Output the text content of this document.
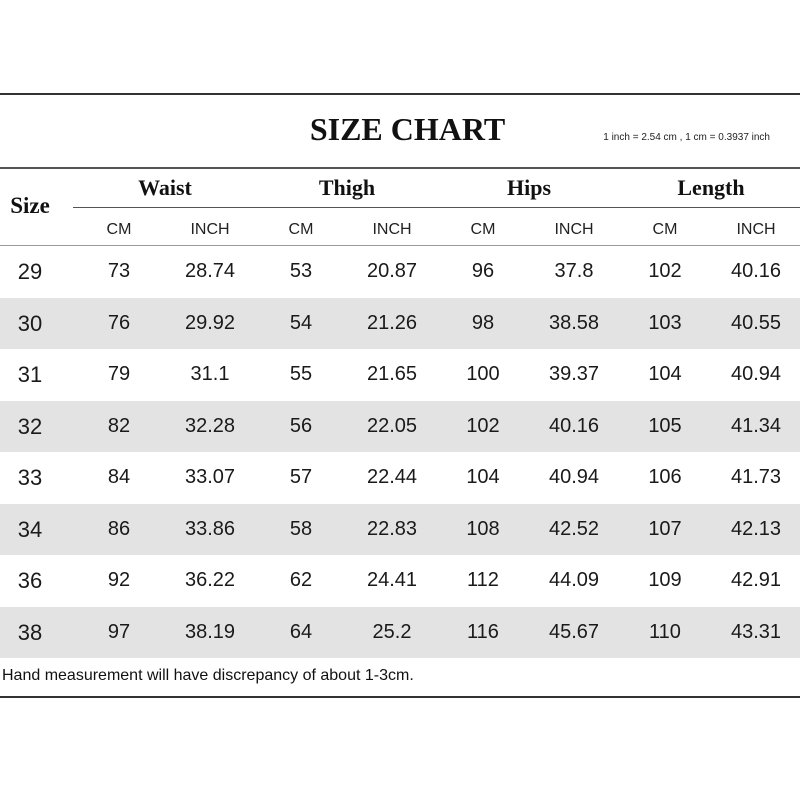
SIZE CHART	1 inch = 2.54 cm , 1 cm = 0.3937 inch
Size
Waist	Thigh	Hips	Length
CM	INCH	CM	INCH	CM	INCH	CM	INCH
29	73	28.74	53	20.87	96	37.8	102	40.16
30	76	29.92	54	21.26	98	38.58	103	40.55
31	79	31.1	55	21.65	100	39.37	104	40.94
32	82	32.28	56	22.05	102	40.16	105	41.34
33	84	33.07	57	22.44	104	40.94	106	41.73
34	86	33.86	58	22.83	108	42.52	107	42.13
36	92	36.22	62	24.41	112	44.09	109	42.91
38	97	38.19	64	25.2	116	45.67	110	43.31
Hand measurement will have discrepancy of about 1-3cm.
